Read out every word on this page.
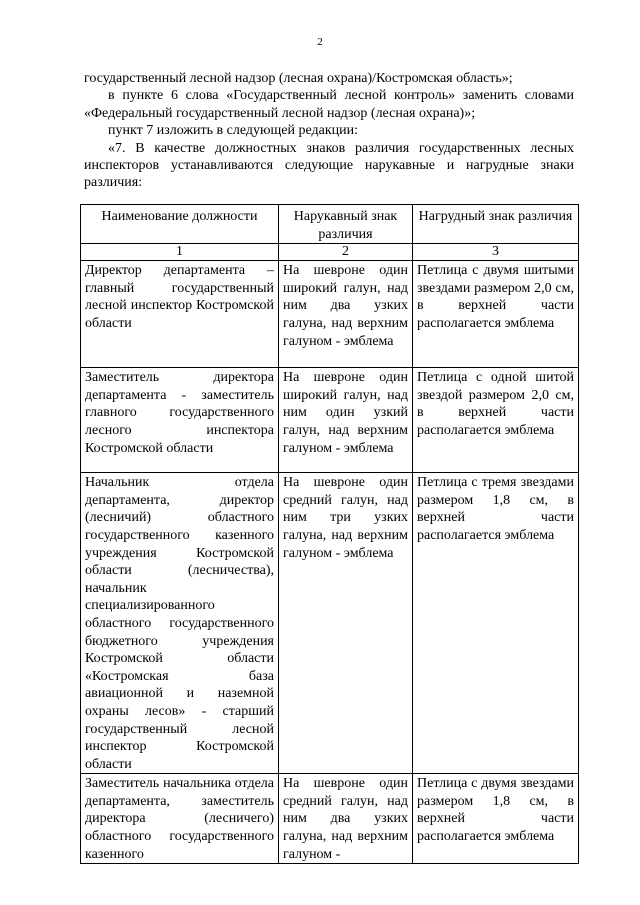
2

государственный лесной надзор (лесная охрана)/Костромская область»;

в пункте 6 слова «Государственный лесной контроль» заменить словами «Федеральный государственный лесной надзор (лесная охрана)»;

пункт 7 изложить в следующей редакции:

«7. В качестве должностных знаков различия государственных лесных инспекторов устанавливаются следующие нарукавные и нагрудные знаки различия:

Наименование должности	Нарукавный знак различия	Нагрудный знак различия
1	2	3
Директор департамента – главный государственный лесной инспектор Костромской области	На шевроне один широкий галун, над ним два узких галуна, над верхним галуном - эмблема	Петлица с двумя шитыми звездами размером 2,0 см, в верхней части располагается эмблема
Заместитель директора департамента - заместитель главного государственного лесного инспектора Костромской области	На шевроне один широкий галун, над ним один узкий галун, над верхним галуном - эмблема	Петлица с одной шитой звездой размером 2,0 см, в верхней части располагается эмблема
Начальник отдела департамента, директор (лесничий) областного государственного казенного учреждения Костромской области (лесничества), начальник специализированного областного государственного бюджетного учреждения Костромской области «Костромская база авиационной и наземной охраны лесов» - старший государственный лесной инспектор Костромской области	На шевроне один средний галун, над ним три узких галуна, над верхним галуном - эмблема	Петлица с тремя звездами размером 1,8 см, в верхней части располагается эмблема
Заместитель начальника отдела департамента, заместитель директора (лесничего) областного государственного казенного	На шевроне один средний галун, над ним два узких галуна, над верхним галуном -	Петлица с двумя звездами размером 1,8 см, в верхней части располагается эмблема
